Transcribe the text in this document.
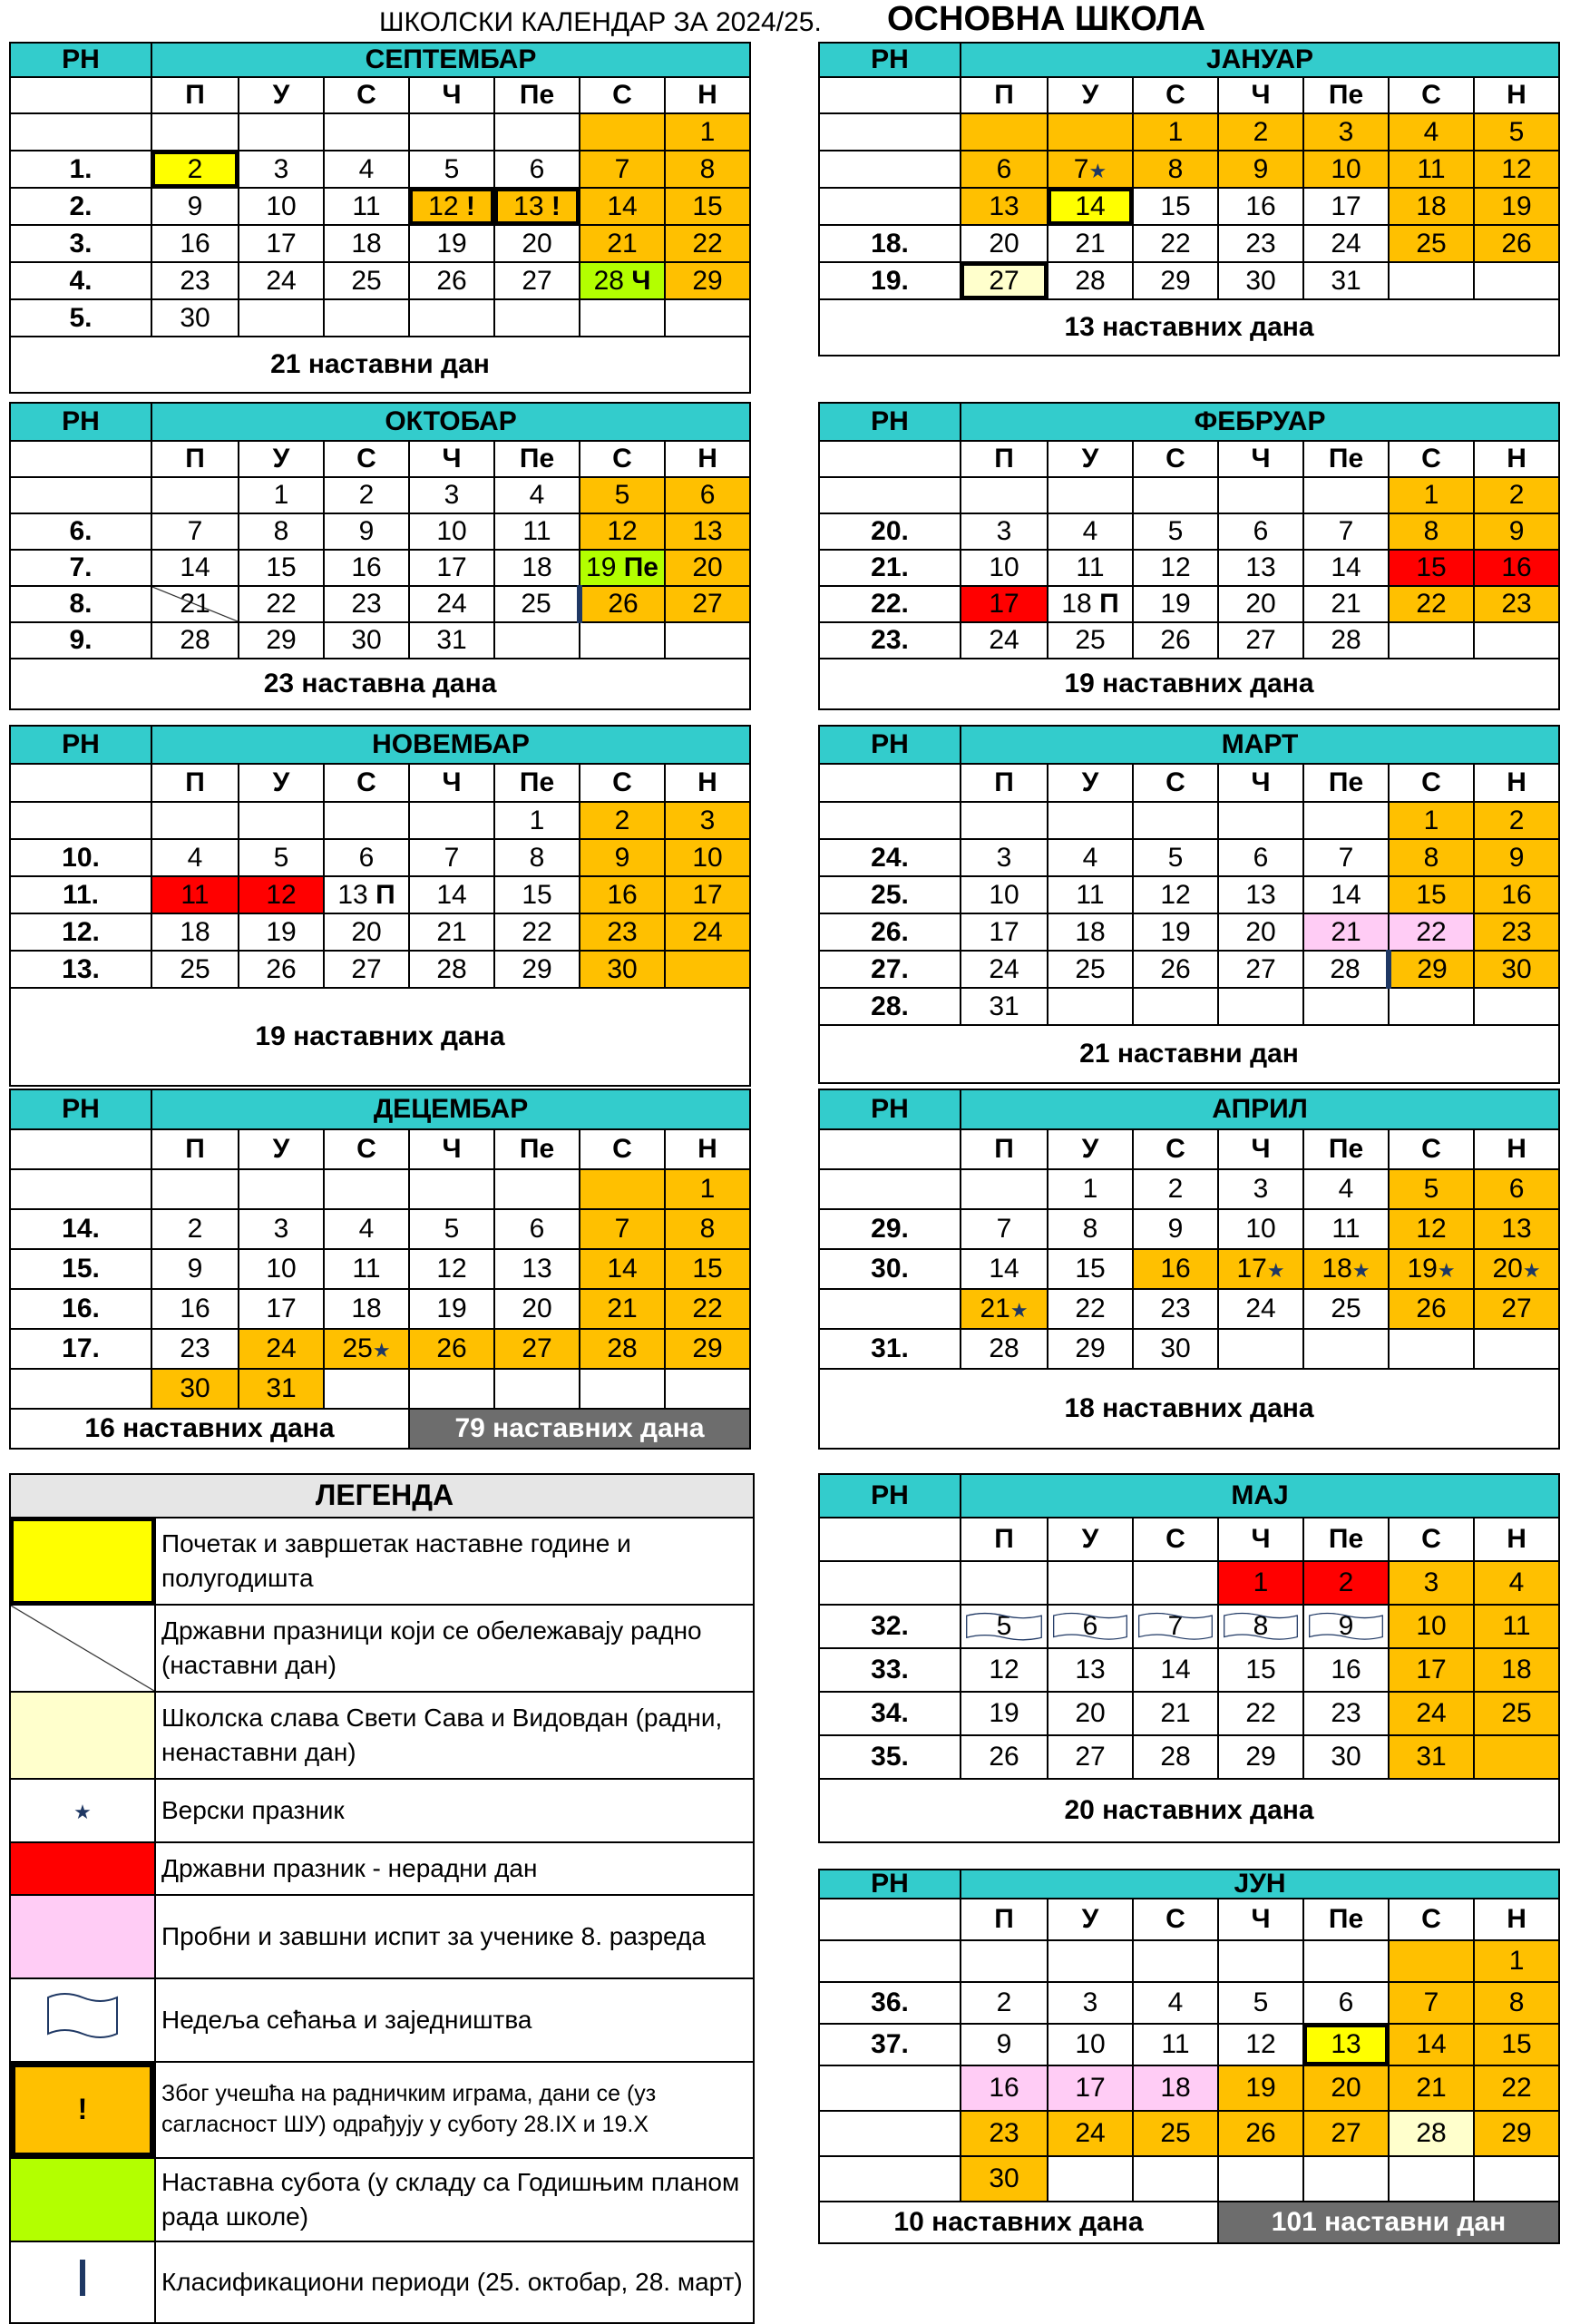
ШКОЛСКИ КАЛЕНДАР ЗА 2024/25. ОСНОВНА ШКОЛА
РН	СЕПТЕМБАР						
	П	У	С	Ч	Пе	С	Н
							1
1.	2	3	4	5	6	7	8
2.	9	10	11	12 !	13 !	14	15
3.	16	17	18	19	20	21	22
4.	23	24	25	26	27	28 Ч	29
5.	30						
21 наставни дан							
РН	ОКТОБАР						
	П	У	С	Ч	Пе	С	Н
		1	2	3	4	5	6
6.	7	8	9	10	11	12	13
7.	14	15	16	17	18	19 Пе	20
8.	21	22	23	24	25	26	27
9.	28	29	30	31			
23 наставна дана							
РН	НОВЕМБАР						
	П	У	С	Ч	Пе	С	Н
					1	2	3
10.	4	5	6	7	8	9	10
11.	11	12	13 П	14	15	16	17
12.	18	19	20	21	22	23	24
13.	25	26	27	28	29	30	
19 наставних дана							
РН	ДЕЦЕМБАР						
	П	У	С	Ч	Пе	С	Н
							1
14.	2	3	4	5	6	7	8
15.	9	10	11	12	13	14	15
16.	16	17	18	19	20	21	22
17.	23	24	25★	26	27	28	29
	30	31					
16 наставних дана				79 наставних дана			
РН	ЈАНУАР						
	П	У	С	Ч	Пе	С	Н
			1	2	3	4	5
	6	7★	8	9	10	11	12
	13	14	15	16	17	18	19
18.	20	21	22	23	24	25	26
19.	27	28	29	30	31		
13 наставних дана							
РН	ФЕБРУАР						
	П	У	С	Ч	Пе	С	Н
						1	2
20.	3	4	5	6	7	8	9
21.	10	11	12	13	14	15	16
22.	17	18 П	19	20	21	22	23
23.	24	25	26	27	28		
19 наставних дана							
РН	МАРТ						
	П	У	С	Ч	Пе	С	Н
						1	2
24.	3	4	5	6	7	8	9
25.	10	11	12	13	14	15	16
26.	17	18	19	20	21	22	23
27.	24	25	26	27	28	29	30
28.	31						
21 наставни дан							
РН	АПРИЛ						
	П	У	С	Ч	Пе	С	Н
		1	2	3	4	5	6
29.	7	8	9	10	11	12	13
30.	14	15	16	17★	18★	19★	20★
	21★	22	23	24	25	26	27
31.	28	29	30				
18 наставних дана							
РН	МАЈ						
	П	У	С	Ч	Пе	С	Н
				1	2	3	4
32.	5	6	7	8	9	10	11
33.	12	13	14	15	16	17	18
34.	19	20	21	22	23	24	25
35.	26	27	28	29	30	31	
20 наставних дана							
РН	ЈУН						
	П	У	С	Ч	Пе	С	Н
							1
36.	2	3	4	5	6	7	8
37.	9	10	11	12	13	14	15
	16	17	18	19	20	21	22
	23	24	25	26	27	28	29
	30						
10 наставних дана				101 наставни дан			
ЛЕГЕНДА	
	Почетак и завршетак наставне године и полугодишта
	Државни празници који се обележавају радно (наставни дан)
	Школска слава Свети Сава и Видовдан (радни, ненаставни дан)
★	Верски празник
	Државни празник - нерадни дан
	Пробни и завшни испит за ученике 8. разреда
	Недеља сећања и заједништва
!	Због учешћа на радничким играма, дани се (уз сагласност ШУ) одрађују у суботу 28.IX и 19.X
	Наставна субота (у складу са Годишњим планом рада школе)
	Класификациони периоди (25. октобар, 28. март)
